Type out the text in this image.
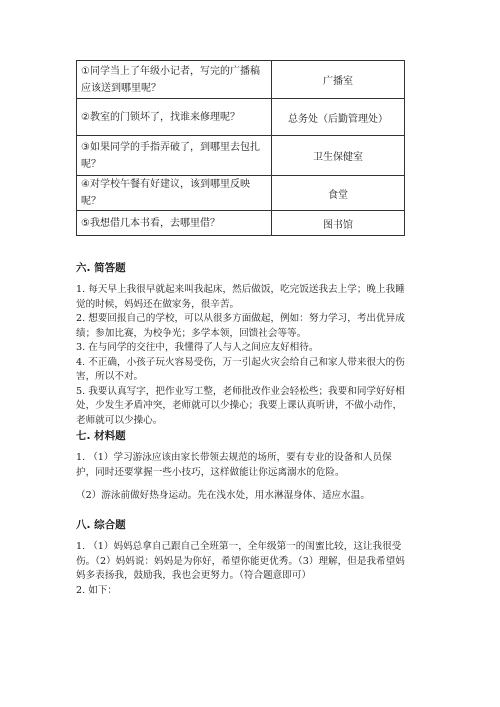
①同学当上了年级小记者，写完的广播稿应该送到哪里呢？	广播室
②教室的门锁坏了，找谁来修理呢？	总务处（后勤管理处）
③如果同学的手指弄破了，到哪里去包扎呢？	卫生保健室
④对学校午餐有好建议，该到哪里反映呢？	食堂
⑤我想借几本书看，去哪里借？	图书馆
六. 简答题

1. 每天早上我很早就起来叫我起床，然后做饭，吃完饭送我去上学；晚上我睡觉的时候，妈妈还在做家务，很辛苦。

2. 想要回报自己的学校，可以从很多方面做起，例如：努力学习，考出优异成绩；参加比赛，为校争光；多学本领，回馈社会等等。

3. 在与同学的交往中，我懂得了人与人之间应友好相待。

4. 不正确，小孩子玩火容易受伤，万一引起火灾会给自己和家人带来很大的伤害，所以不对。

5. 我要认真写字，把作业写工整，老师批改作业会轻松些；我要和同学好好相处，少发生矛盾冲突，老师就可以少操心；我要上课认真听讲，不做小动作，老师就可以少操心。

七. 材料题

1. （1）学习游泳应该由家长带领去规范的场所，要有专业的设备和人员保护，同时还要掌握一些小技巧，这样做能让你远离溺水的危险。

（2）游泳前做好热身运动。先在浅水处，用水淋湿身体、适应水温。

八. 综合题

1. （1）妈妈总拿自己跟自己全班第一，全年级第一的闺蜜比较，这让我很受伤。（2）妈妈说：妈妈是为你好，希望你能更优秀。（3）理解，但是我希望妈妈多表扬我，鼓励我，我也会更努力。（符合题意即可）

2. 如下：
